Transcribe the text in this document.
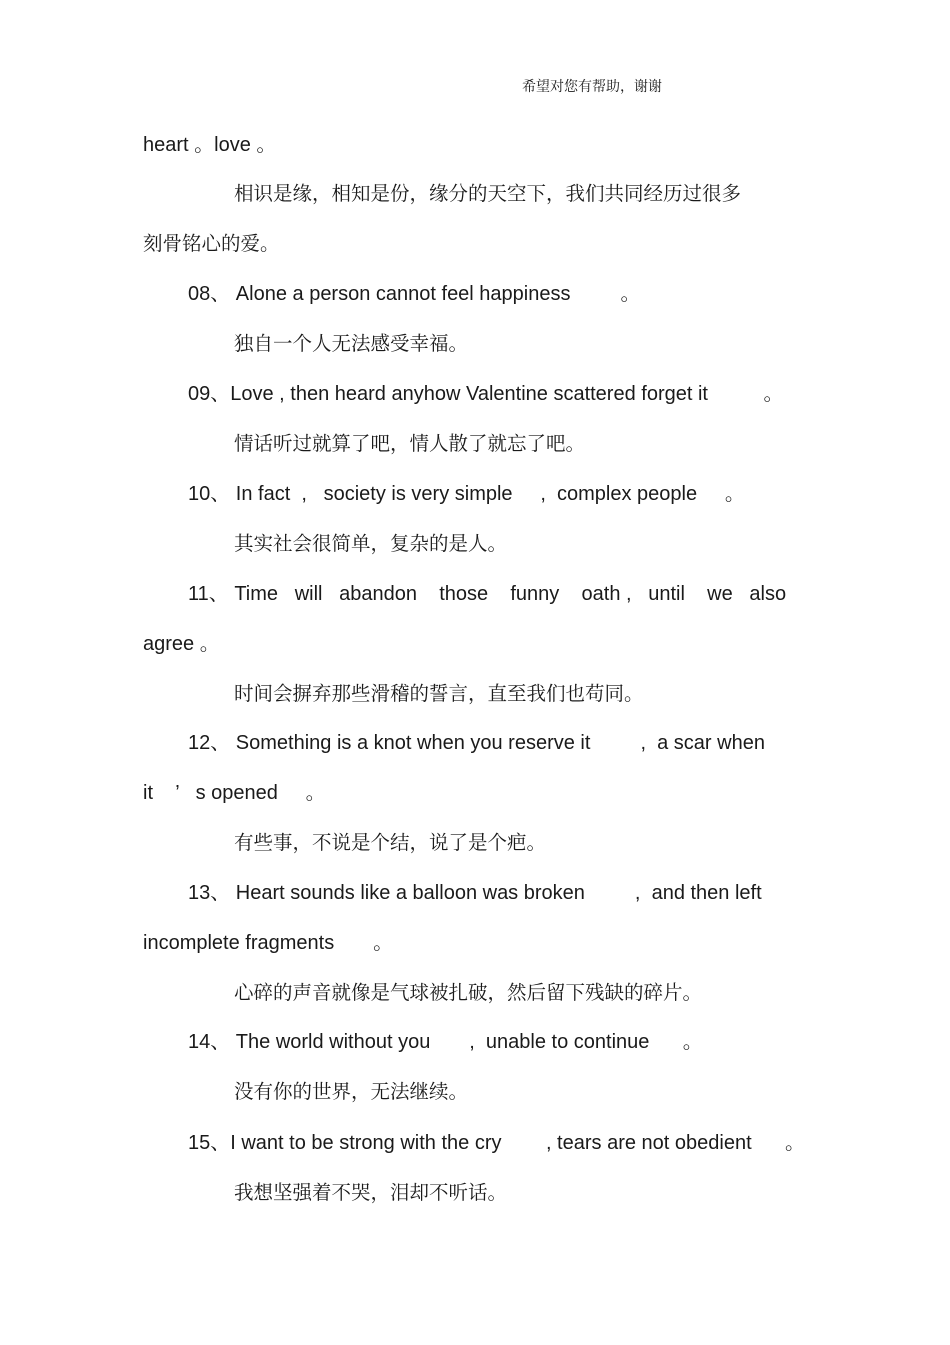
希望对您有帮助，谢谢
heart 。love 。
相识是缘，相知是份，缘分的天空下，我们共同经历过很多
刻骨铭心的爱。
08、 Alone a person cannot feel happiness         。
独自一个人无法感受幸福。
09、Love , then heard anyhow Valentine scattered forget it          。
情话听过就算了吧，情人散了就忘了吧。
10、 In fact  ,   society is very simple     ,  complex people     。
其实社会很简单，复杂的是人。
11、 Time   will   abandon    those    funny    oath ,   until    we   also
agree 。
时间会摒弃那些滑稽的誓言，直至我们也苟同。
12、 Something is a knot when you reserve it         ,  a scar when
it    ’   s opened     。
有些事，不说是个结，说了是个疤。
13、 Heart sounds like a balloon was broken         ,  and then left
incomplete fragments       。
心碎的声音就像是气球被扎破，然后留下残缺的碎片。
14、 The world without you       ,  unable to continue      。
没有你的世界，无法继续。
15、I want to be strong with the cry        , tears are not obedient      。
我想坚强着不哭，泪却不听话。
